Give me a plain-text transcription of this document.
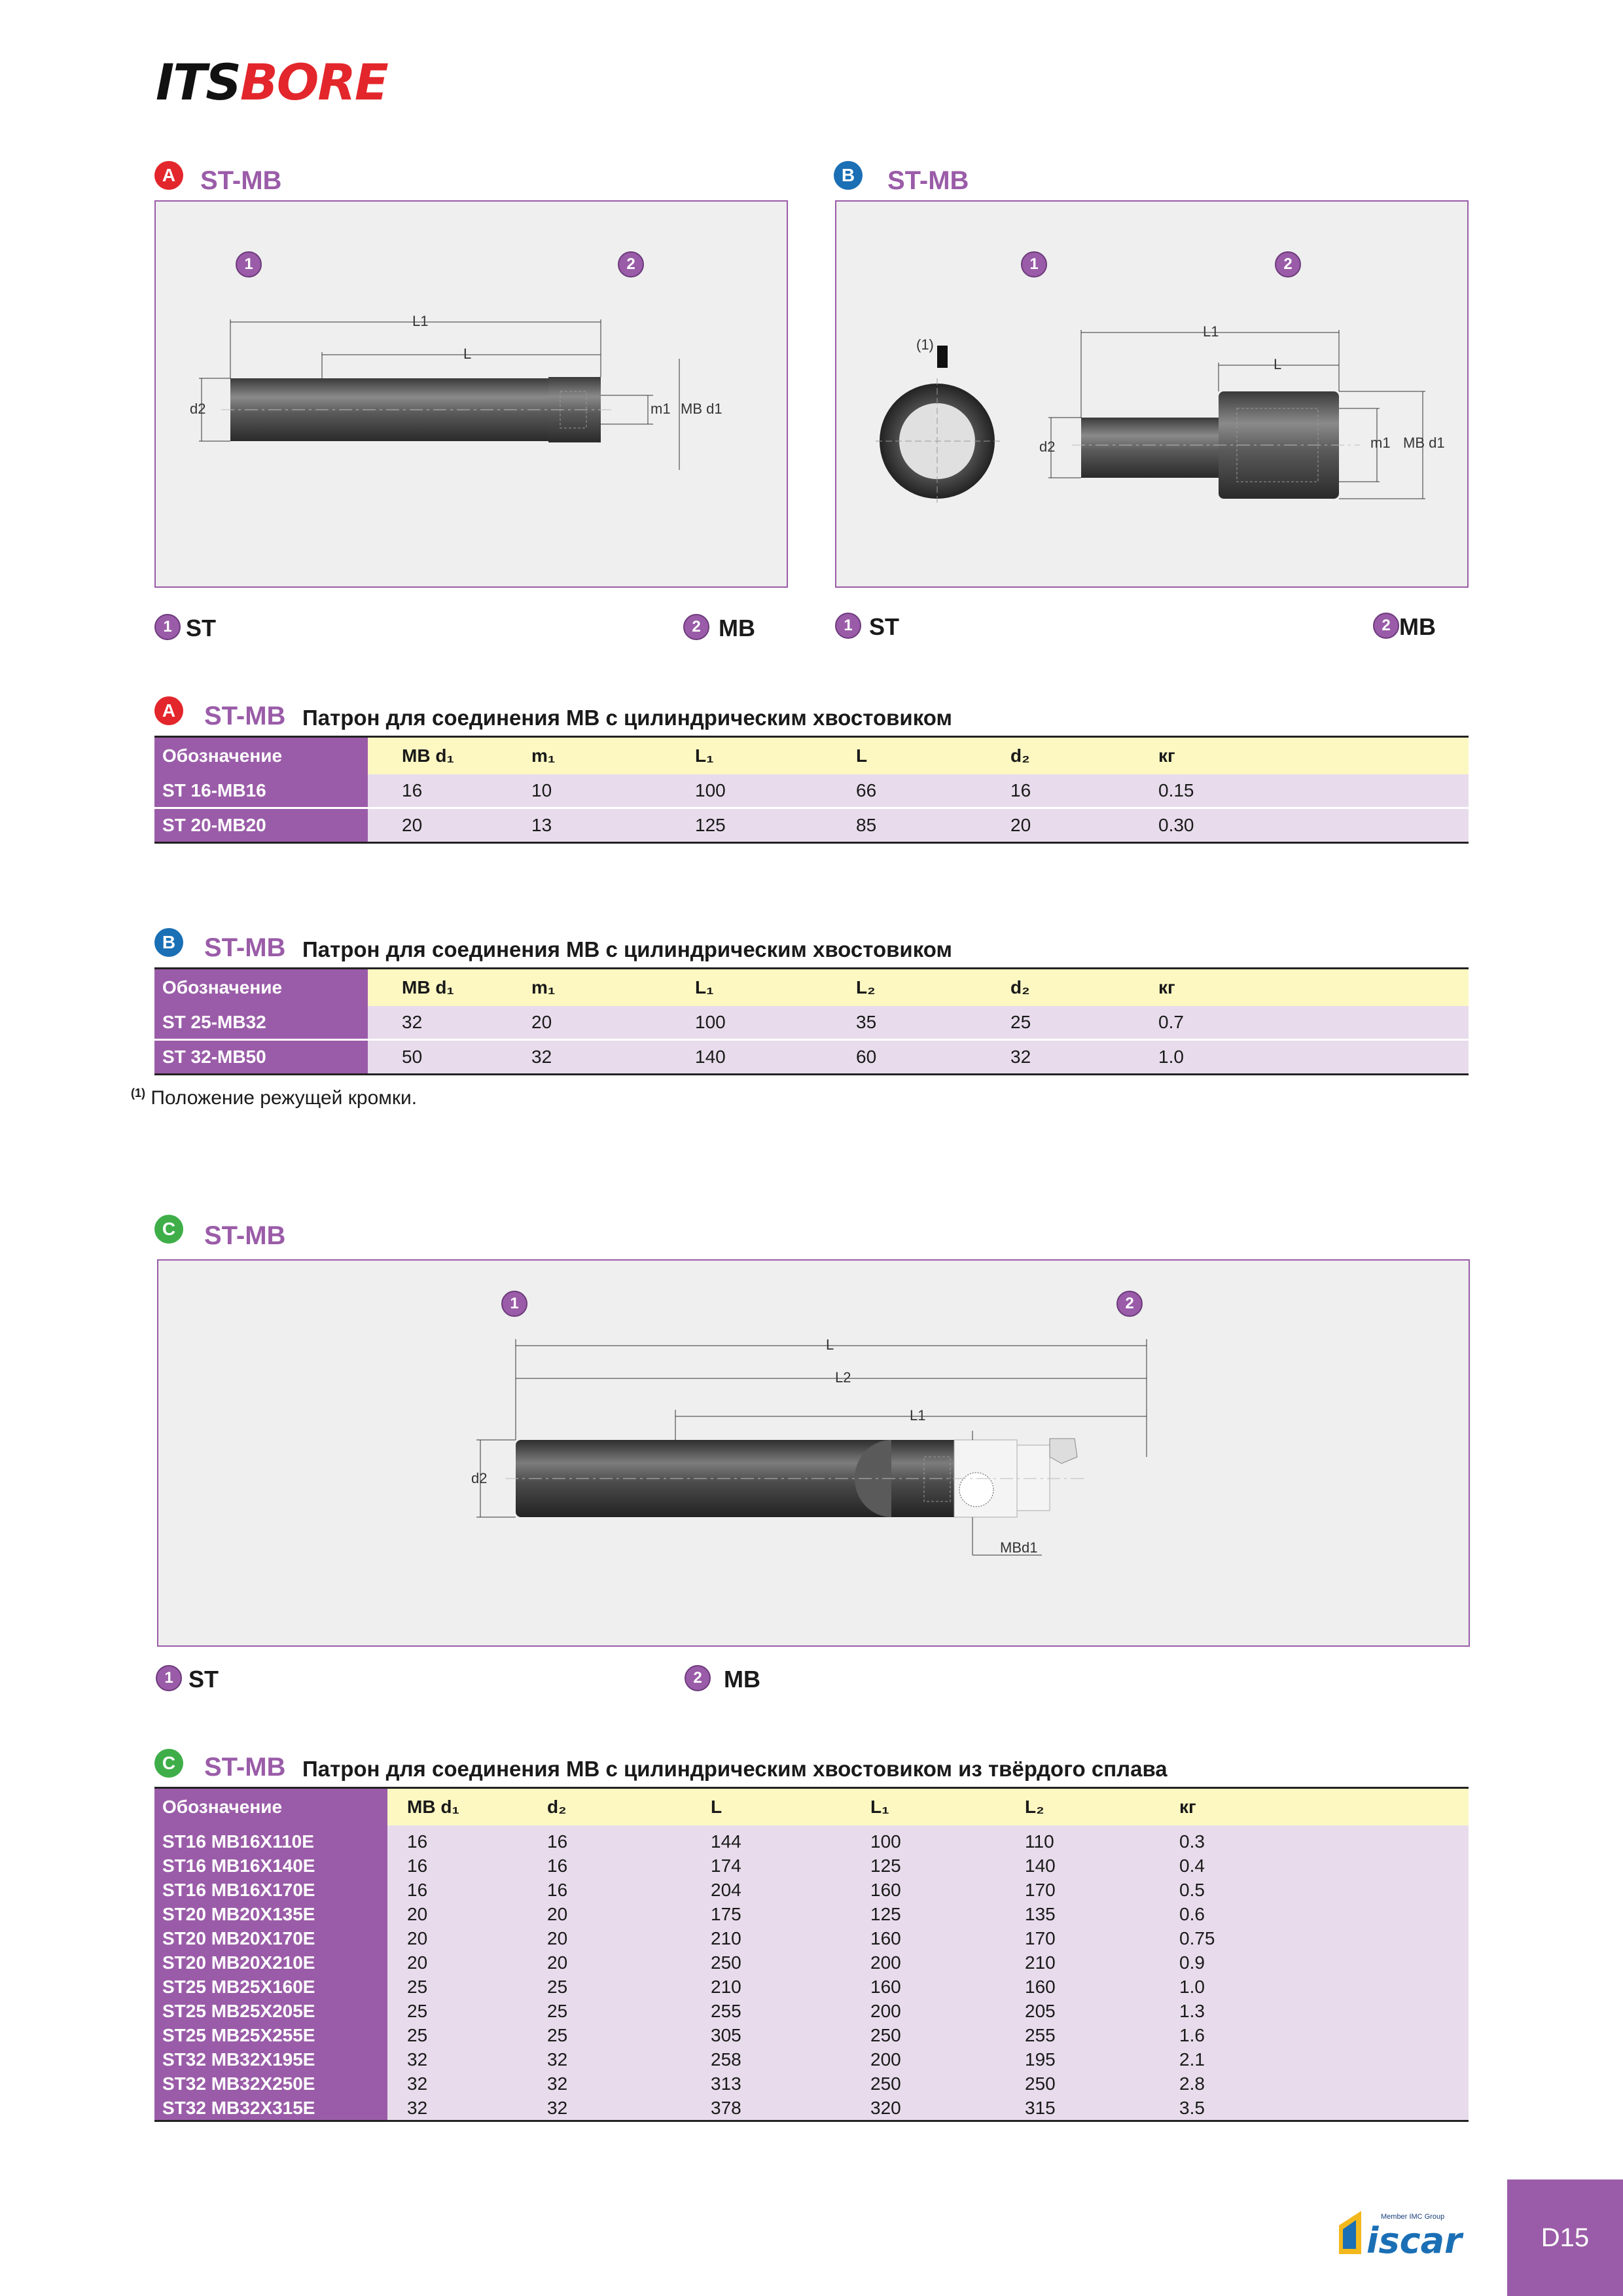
ITSBORE
A ST-MB
1	2
L1
L
d2	m1 MB d1
1 ST	2 MB
B ST-MB
1	2
(1)
L1
L
d2	m1 MB d1
1 ST	2 MB
A ST-MB Патрон для соединения MB с цилиндрическим хвостовиком
Обозначение	MB d₁	m₁	L₁	L	d₂	кг
ST 16-MB16	16	10	100	66	16	0.15
ST 20-MB20	20	13	125	85	20	0.30
B ST-MB Патрон для соединения MB с цилиндрическим хвостовиком
Обозначение	MB d₁	m₁	L₁	L₂	d₂	кг
ST 25-MB32	32	20	100	35	25	0.7
ST 32-MB50	50	32	140	60	32	1.0
$^{(1)}$ Положение режущей кромки.
C ST-MB
1	2
L
L2
L1
d2
MBd1
1 ST	2 MB
C ST-MB Патрон для соединения MB с цилиндрическим хвостовиком из твёрдого сплава
Обозначение	MB d₁	d₂	L	L₁	L₂	кг
ST16 MB16X110E	16	16	144	100	110	0.3
ST16 MB16X140E	16	16	174	125	140	0.4
ST16 MB16X170E	16	16	204	160	170	0.5
ST20 MB20X135E	20	20	175	125	135	0.6
ST20 MB20X170E	20	20	210	160	170	0.75
ST20 MB20X210E	20	20	250	200	210	0.9
ST25 MB25X160E	25	25	210	160	160	1.0
ST25 MB25X205E	25	25	255	200	205	1.3
ST25 MB25X255E	25	25	305	250	255	1.6
ST32 MB32X195E	32	32	258	200	195	2.1
ST32 MB32X250E	32	32	313	250	250	2.8
ST32 MB32X315E	32	32	378	320	315	3.5
iscar
Member IMC Group
D15
